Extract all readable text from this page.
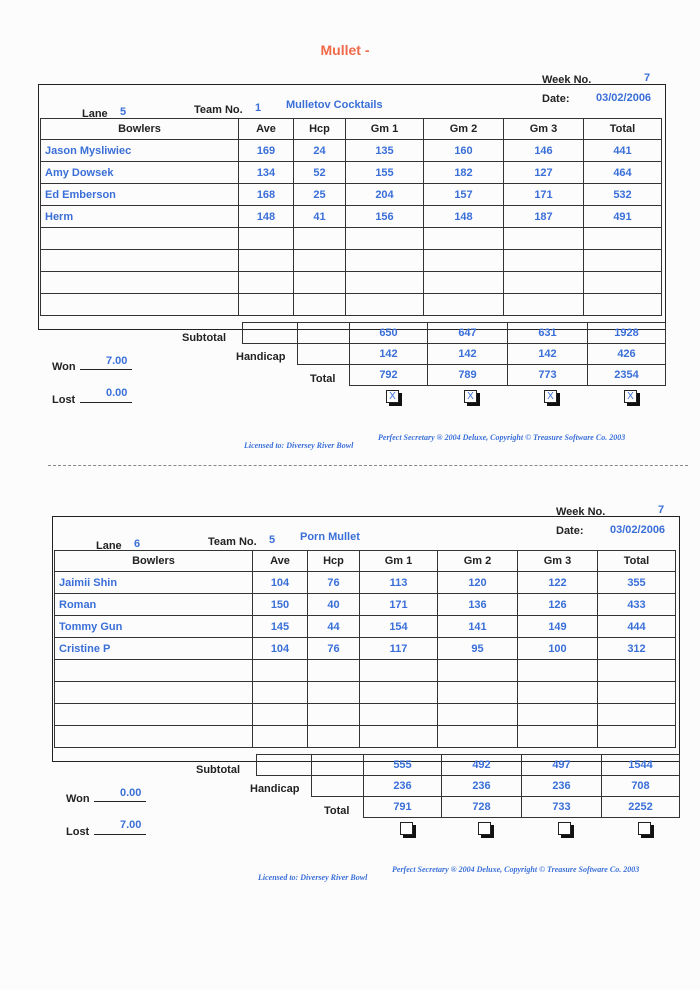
Mullet -
Week No.	7
Date: 03/02/2006
Lane 5	Team No. 1 Mulletov Cocktails
Bowlers	Ave	Hcp	Gm 1	Gm 2	Gm 3	Total
Jason Mysliwiec	169	24	135	160	146	441
Amy Dowsek	134	52	155	182	127	464
Ed Emberson	168	25	204	157	171	532
Herm	148	41	156	148	187	491

		650	647	631	1928
		142	142	142	426
		792	789	773	2354
Subtotal
Handicap
Total
Won	7.00
Lost
0.00	X	X	X	X
Licensed to: Diversey River Bowl
Perfect Secretary ® 2004 Deluxe, Copyright © Treasure Software Co. 2003
Week No.	7
Date: 03/02/2006
Lane 6	Team No. 5 Porn Mullet
Bowlers	Ave	Hcp	Gm 1	Gm 2	Gm 3	Total
Jaimii Shin	104	76	113	120	122	355
Roman	150	40	171	136	126	433
Tommy Gun	145	44	154	141	149	444
Cristine P	104	76	117	95	100	312

		555	492	497	1544
		236	236	236	708
		791	728	733	2252
Subtotal
Handicap
Total
Won	0.00
Lost
7.00
Licensed to: Diversey River Bowl
Perfect Secretary ® 2004 Deluxe, Copyright © Treasure Software Co. 2003
